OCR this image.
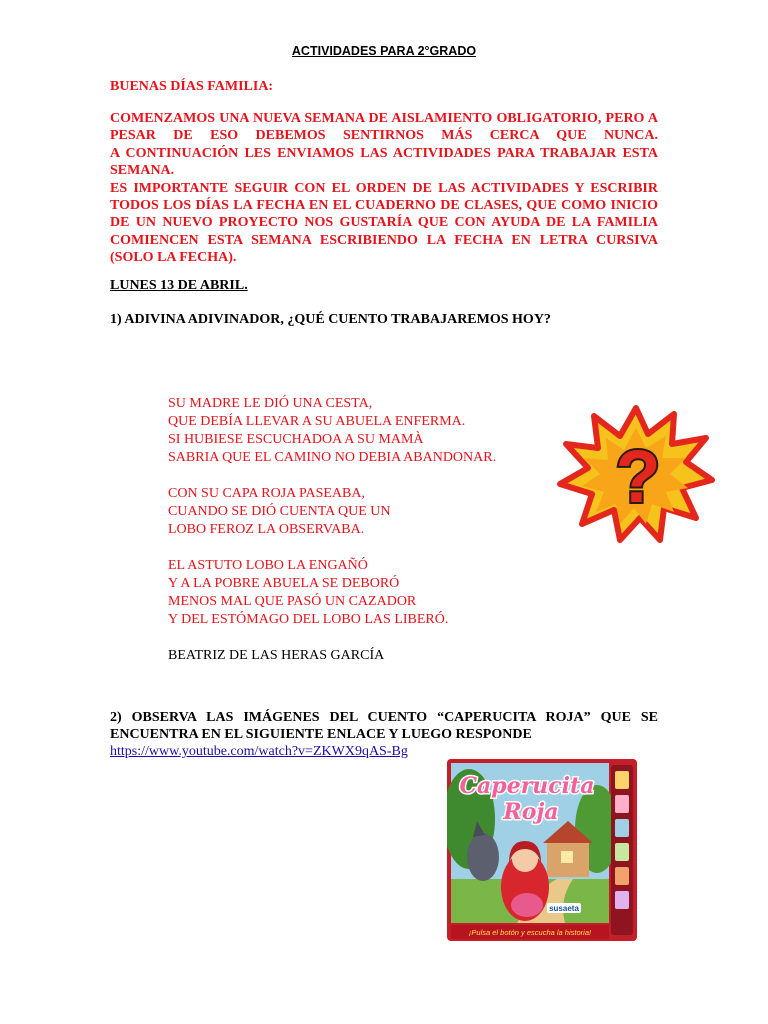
ACTIVIDADES PARA 2°GRADO
BUENAS DÍAS FAMILIA:

COMENZAMOS UNA NUEVA SEMANA DE AISLAMIENTO OBLIGATORIO, PERO A PESAR DE ESO DEBEMOS SENTIRNOS MÁS CERCA QUE NUNCA.

A CONTINUACIÓN LES ENVIAMOS LAS ACTIVIDADES PARA TRABAJAR ESTA SEMANA.

ES IMPORTANTE SEGUIR CON EL ORDEN DE LAS ACTIVIDADES Y ESCRIBIR TODOS LOS DÍAS LA FECHA EN EL CUADERNO DE CLASES, QUE COMO INICIO DE UN NUEVO PROYECTO NOS GUSTARÍA QUE CON AYUDA DE LA FAMILIA COMIENCEN ESTA SEMANA ESCRIBIENDO LA FECHA EN LETRA CURSIVA (SOLO LA FECHA).

LUNES 13 DE ABRIL.
1) ADIVINA ADIVINADOR, ¿QUÉ CUENTO TRABAJAREMOS HOY?
SU MADRE LE DIÓ UNA CESTA,
QUE DEBÍA LLEVAR A SU ABUELA ENFERMA.
SI HUBIESE ESCUCHADOA A SU MAMÀ
SABRIA QUE EL CAMINO NO DEBIA ABANDONAR.
CON SU CAPA ROJA PASEABA,
CUANDO SE DIÓ CUENTA QUE UN
LOBO FEROZ LA OBSERVABA.
EL ASTUTO LOBO LA ENGAÑÓ
Y A LA POBRE ABUELA SE DEBORÓ
MENOS MAL QUE PASÓ UN CAZADOR
Y DEL ESTÓMAGO DEL LOBO LAS LIBERÓ.
BEATRIZ DE LAS HERAS GARCÍA
?
2) OBSERVA LAS IMÁGENES DEL CUENTO “CAPERUCITA ROJA” QUE SE
ENCUENTRA EN EL SIGUIENTE ENLACE Y LUEGO RESPONDE
https://www.youtube.com/watch?v=ZKWX9qAS-Bg
Caperucita
Roja
susaeta
¡Pulsa el botón y escucha la historia!
